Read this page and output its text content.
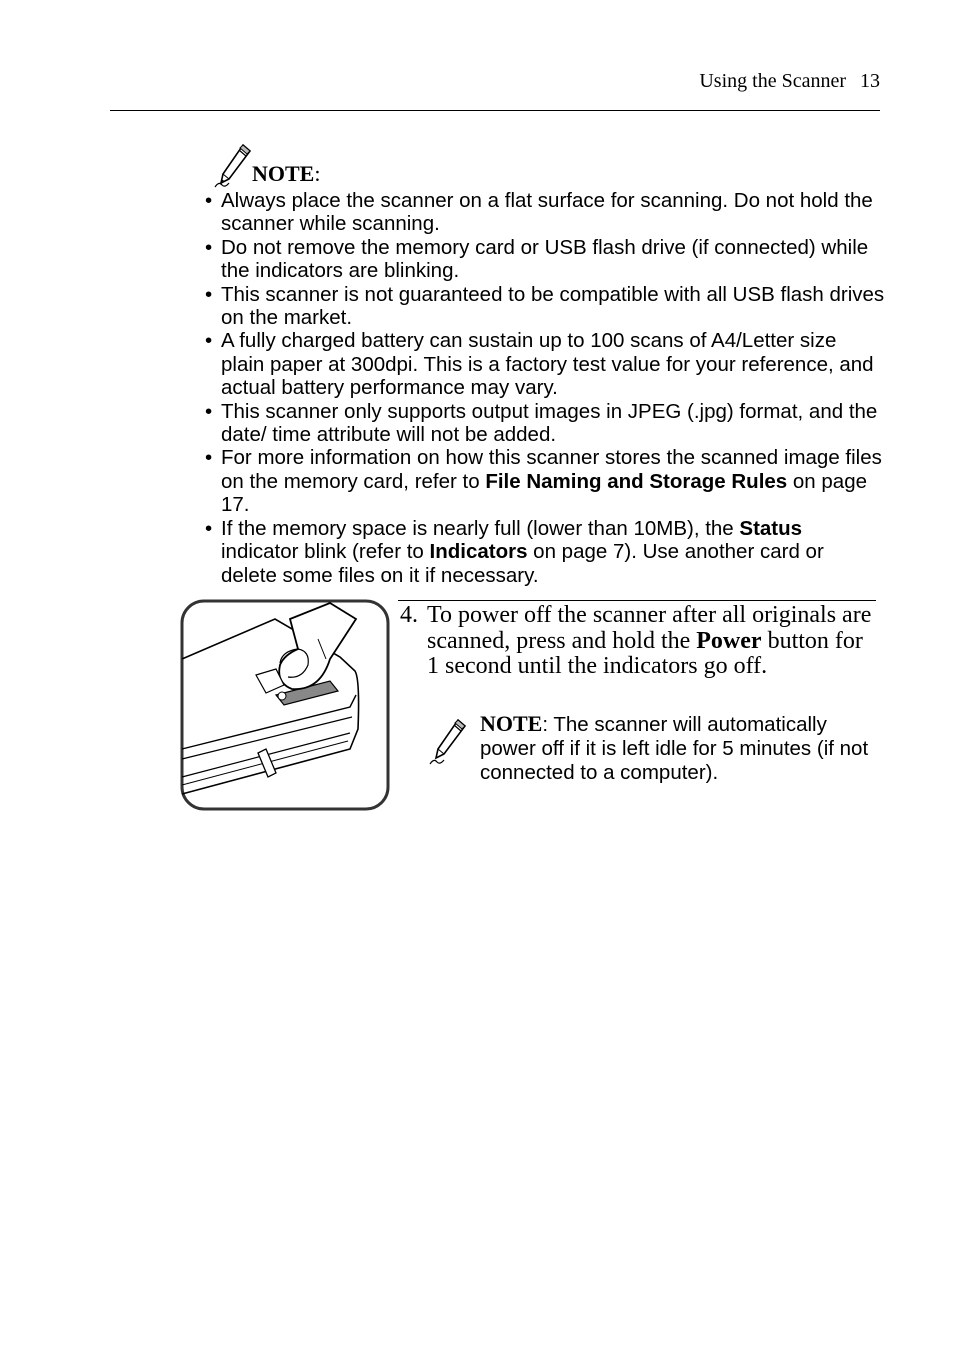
Using the Scanner 13
NOTE:
• Always place the scanner on a flat surface for scanning. Do not hold the scanner while scanning.
• Do not remove the memory card or USB flash drive (if connected) while the indicators are blinking.
• This scanner is not guaranteed to be compatible with all USB flash drives on the market.
• A fully charged battery can sustain up to 100 scans of A4/Letter size plain paper at 300dpi. This is a factory test value for your reference, and actual battery performance may vary.
• This scanner only supports output images in JPEG (.jpg) format, and the date/ time attribute will not be added.
• For more information on how this scanner stores the scanned image files on the memory card, refer to File Naming and Storage Rules on page 17.
• If the memory space is nearly full (lower than 10MB), the Status indicator blink (refer to Indicators on page 7). Use another card or delete some files on it if necessary.
4. To power off the scanner after all originals are scanned, press and hold the Power button for 1 second until the indicators go off.
NOTE: The scanner will automatically power off if it is left idle for 5 minutes (if not connected to a computer).
